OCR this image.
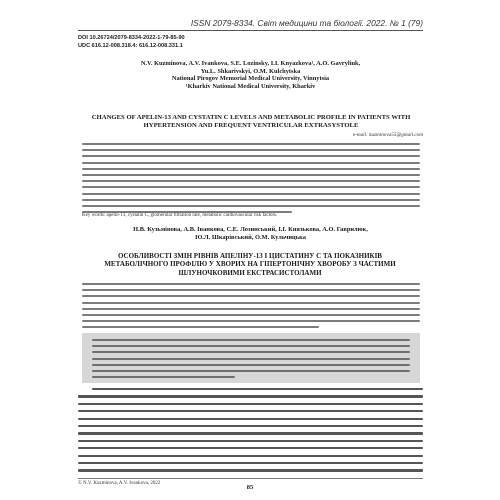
ISSN 2079-8334. Світ медицини та біології. 2022. № 1 (79)
DOI 10.26724/2079-8334-2022-1-79-85-90
UDC 616.12-008.318.4: 616.12-008.331.1
N.V. Kuzminova, A.V. Ivankova, S.E. Lozinsky, I.I. Knyazkova¹, A.O. Gavryliuk,
Yu.L. Shkarivskyi, O.M. Kulchytska
National Pirogov Memorial Medical University, Vinnytsia
¹Kharkiv National Medical University, Kharkiv
CHANGES OF APELIN-13 AND CYSTATIN C LEVELS AND METABOLIC PROFILE IN PATIENTS WITH HYPERTENSION AND FREQUENT VENTRICULAR EXTRASYSTOLE
e-mail: kuzminova55@gmail.com
Key words: apelin-13, cystatin C, glomerular filtration rate, metabolic cardiovascular risk factors.
Н.В. Кузьмінова, А.В. Іванкова, С.Е. Лозинський, І.І. Князькова, А.О. Гаврилюк,
Ю.Л. Шкарівський, О.М. Кульчицька
ОСОБЛИВОСТІ ЗМІН РІВНІВ АПЕЛІНУ-13 І ЦИСТАТИНУ С ТА ПОКАЗНИКІВ МЕТАБОЛІЧНОГО ПРОФІЛЮ У ХВОРИХ НА ГІПЕРТОНІЧНУ ХВОРОБУ З ЧАСТИМИ ШЛУНОЧКОВИМИ ЕКСТРАСИСТОЛАМИ
© N.V. Kuzminova, A.V. Ivankova, 2022
85
